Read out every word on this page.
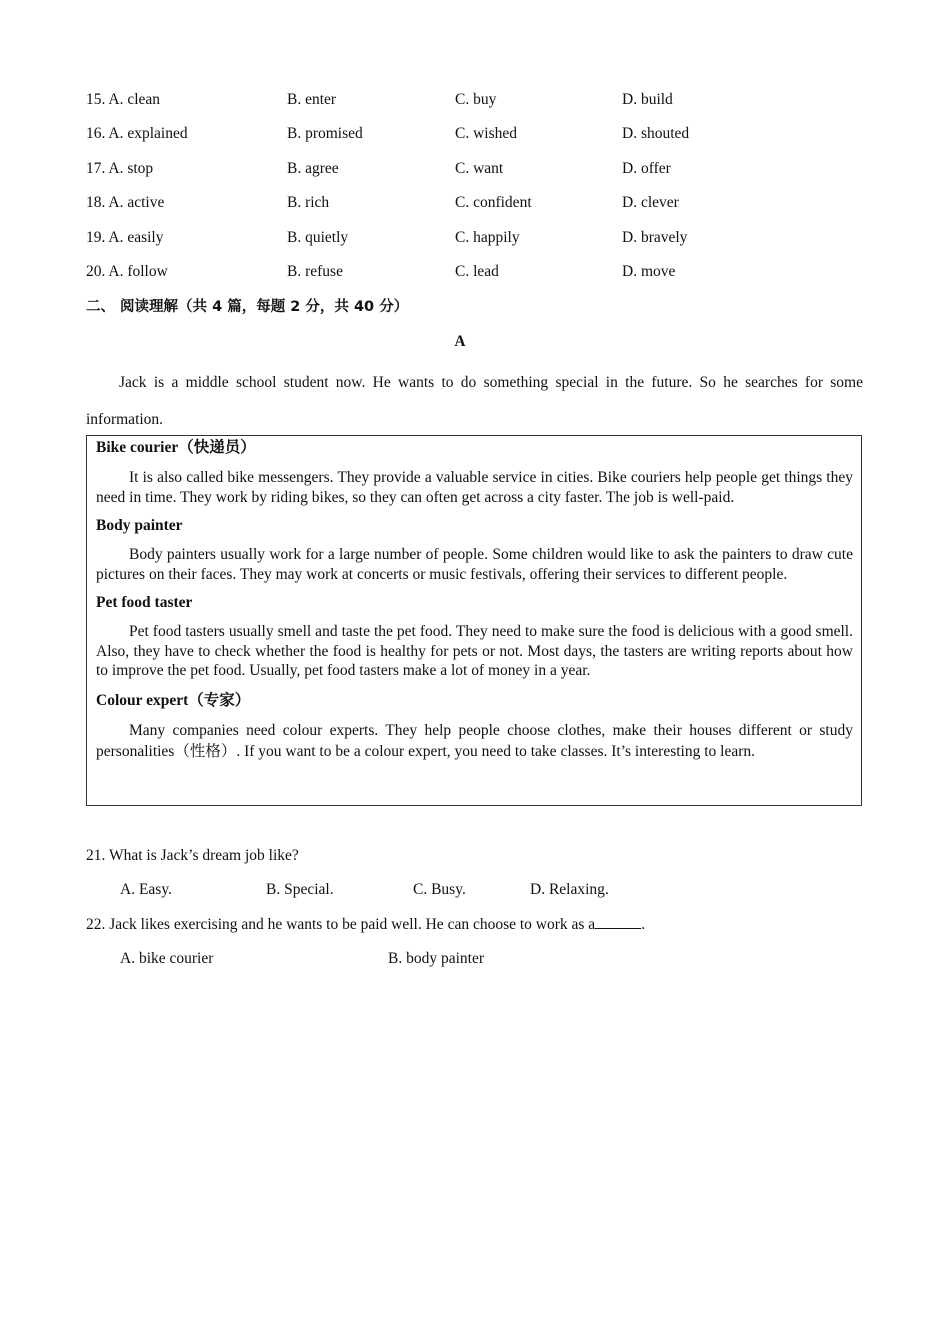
15. A. clean	B. enter	C. buy	D. build
16. A. explained	B. promised	C. wished	D. shouted
17. A. stop	B. agree	C. want	D. offer
18. A. active	B. rich	C. confident	D. clever
19. A. easily	B. quietly	C. happily	D. bravely
20. A. follow	B. refuse	C. lead	D. move
二、 阅读理解（共 4 篇，每题 2 分，共 40 分）
A

Jack is a middle school student now. He wants to do something special in the future. So he searches for some information.

Bike courier（快递员）

It is also called bike messengers. They provide a valuable service in cities. Bike couriers help people get things they need in time. They work by riding bikes, so they can often get across a city faster. The job is well-paid.

Body painter

Body painters usually work for a large number of people. Some children would like to ask the painters to draw cute pictures on their faces. They may work at concerts or music festivals, offering their services to different people.

Pet food taster

Pet food tasters usually smell and taste the pet food. They need to make sure the food is delicious with a good smell. Also, they have to check whether the food is healthy for pets or not. Most days, the tasters are writing reports about how to improve the pet food. Usually, pet food tasters make a lot of money in a year.

Colour expert（专家）

Many companies need colour experts. They help people choose clothes, make their houses different or study personalities（性格）. If you want to be a colour expert, you need to take classes. It’s interesting to learn.

21. What is Jack’s dream job like?
A. Easy.	B. Special.	C. Busy.	D. Relaxing.
22. Jack likes exercising and he wants to be paid well. He can choose to work as a	.
A. bike courier	B. body painter
